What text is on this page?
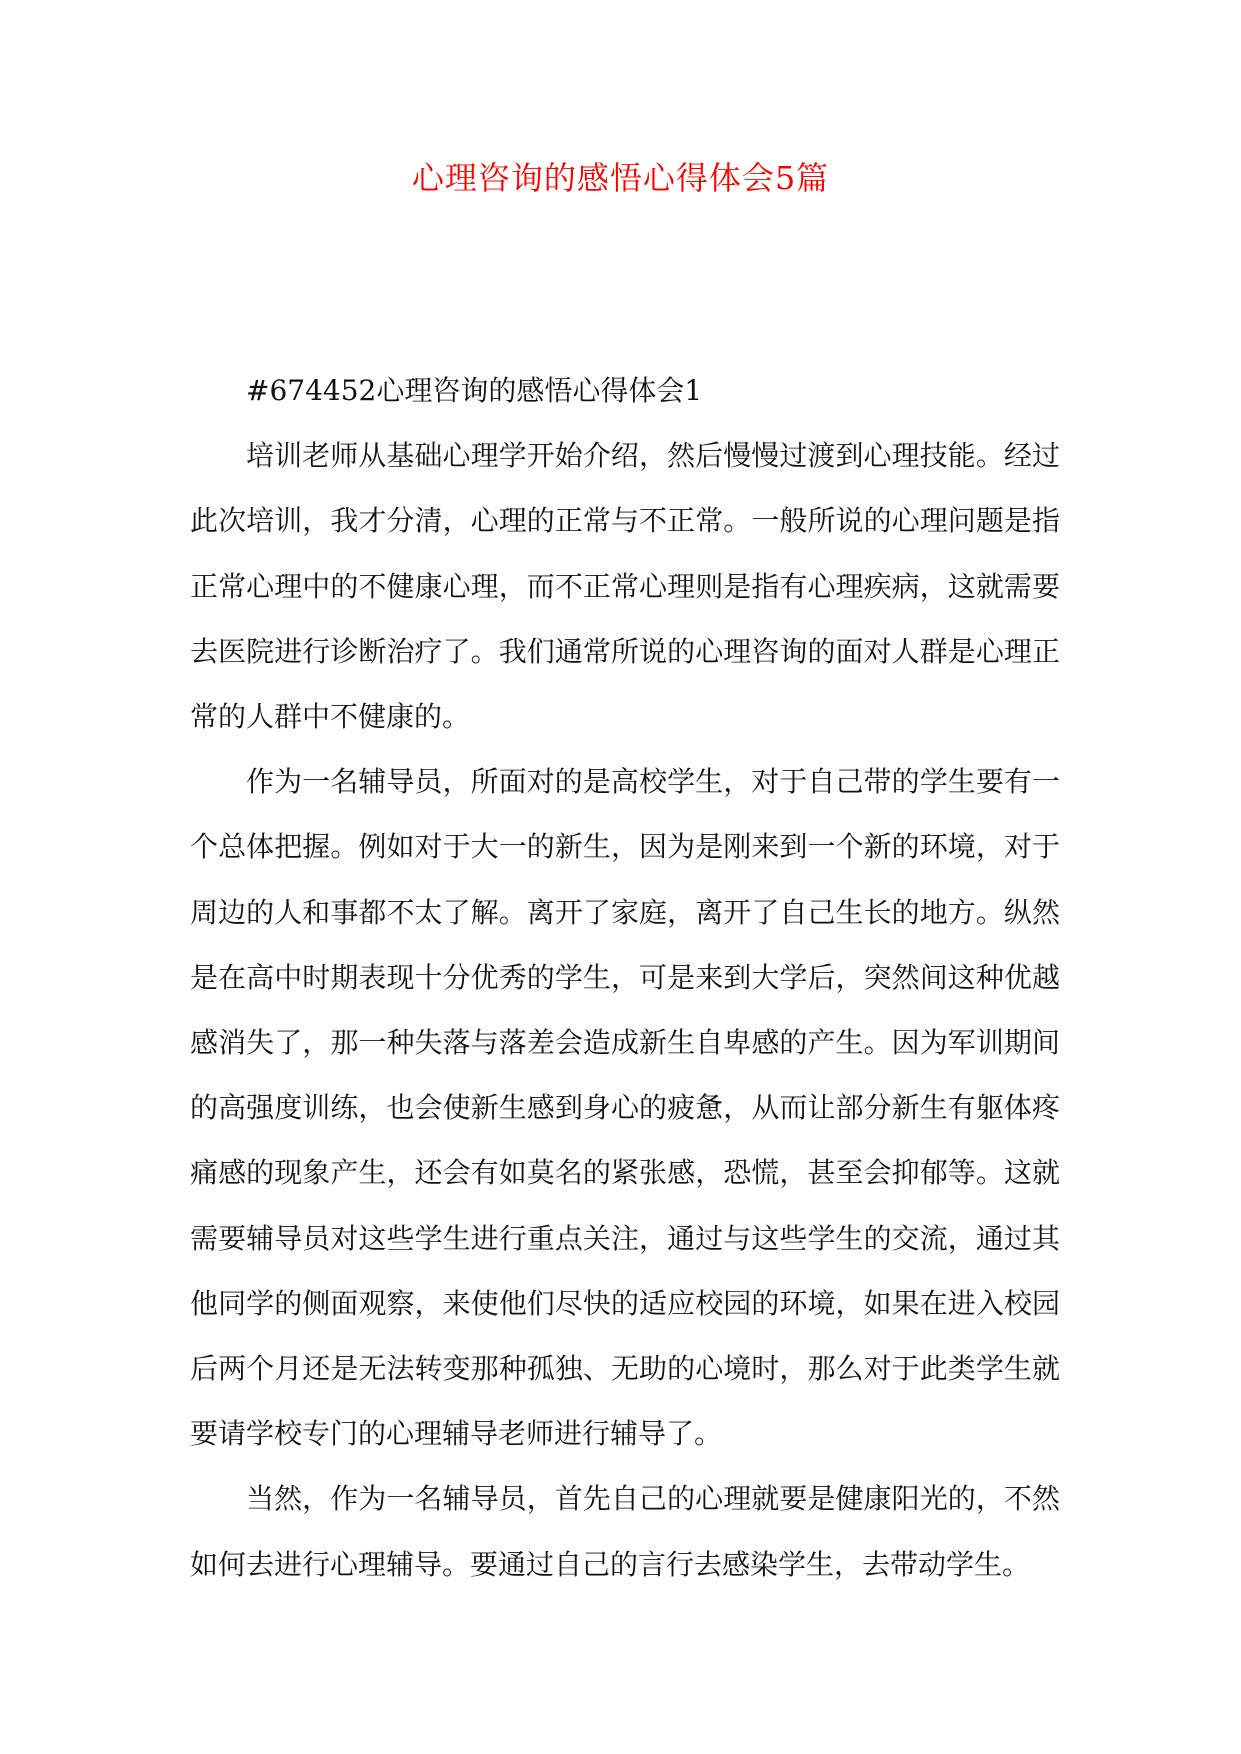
心理咨询的感悟心得体会5篇

#674452心理咨询的感悟心得体会1

培训老师从基础心理学开始介绍，然后慢慢过渡到心理技能。经过此次培训，我才分清，心理的正常与不正常。一般所说的心理问题是指正常心理中的不健康心理，而不正常心理则是指有心理疾病，这就需要去医院进行诊断治疗了。我们通常所说的心理咨询的面对人群是心理正常的人群中不健康的。

作为一名辅导员，所面对的是高校学生，对于自己带的学生要有一个总体把握。例如对于大一的新生，因为是刚来到一个新的环境，对于周边的人和事都不太了解。离开了家庭，离开了自己生长的地方。纵然是在高中时期表现十分优秀的学生，可是来到大学后，突然间这种优越感消失了，那一种失落与落差会造成新生自卑感的产生。因为军训期间的高强度训练，也会使新生感到身心的疲惫，从而让部分新生有躯体疼痛感的现象产生，还会有如莫名的紧张感，恐慌，甚至会抑郁等。这就需要辅导员对这些学生进行重点关注，通过与这些学生的交流，通过其他同学的侧面观察，来使他们尽快的适应校园的环境，如果在进入校园后两个月还是无法转变那种孤独、无助的心境时，那么对于此类学生就要请学校专门的心理辅导老师进行辅导了。

当然，作为一名辅导员，首先自己的心理就要是健康阳光的，不然如何去进行心理辅导。要通过自己的言行去感染学生，去带动学生。
